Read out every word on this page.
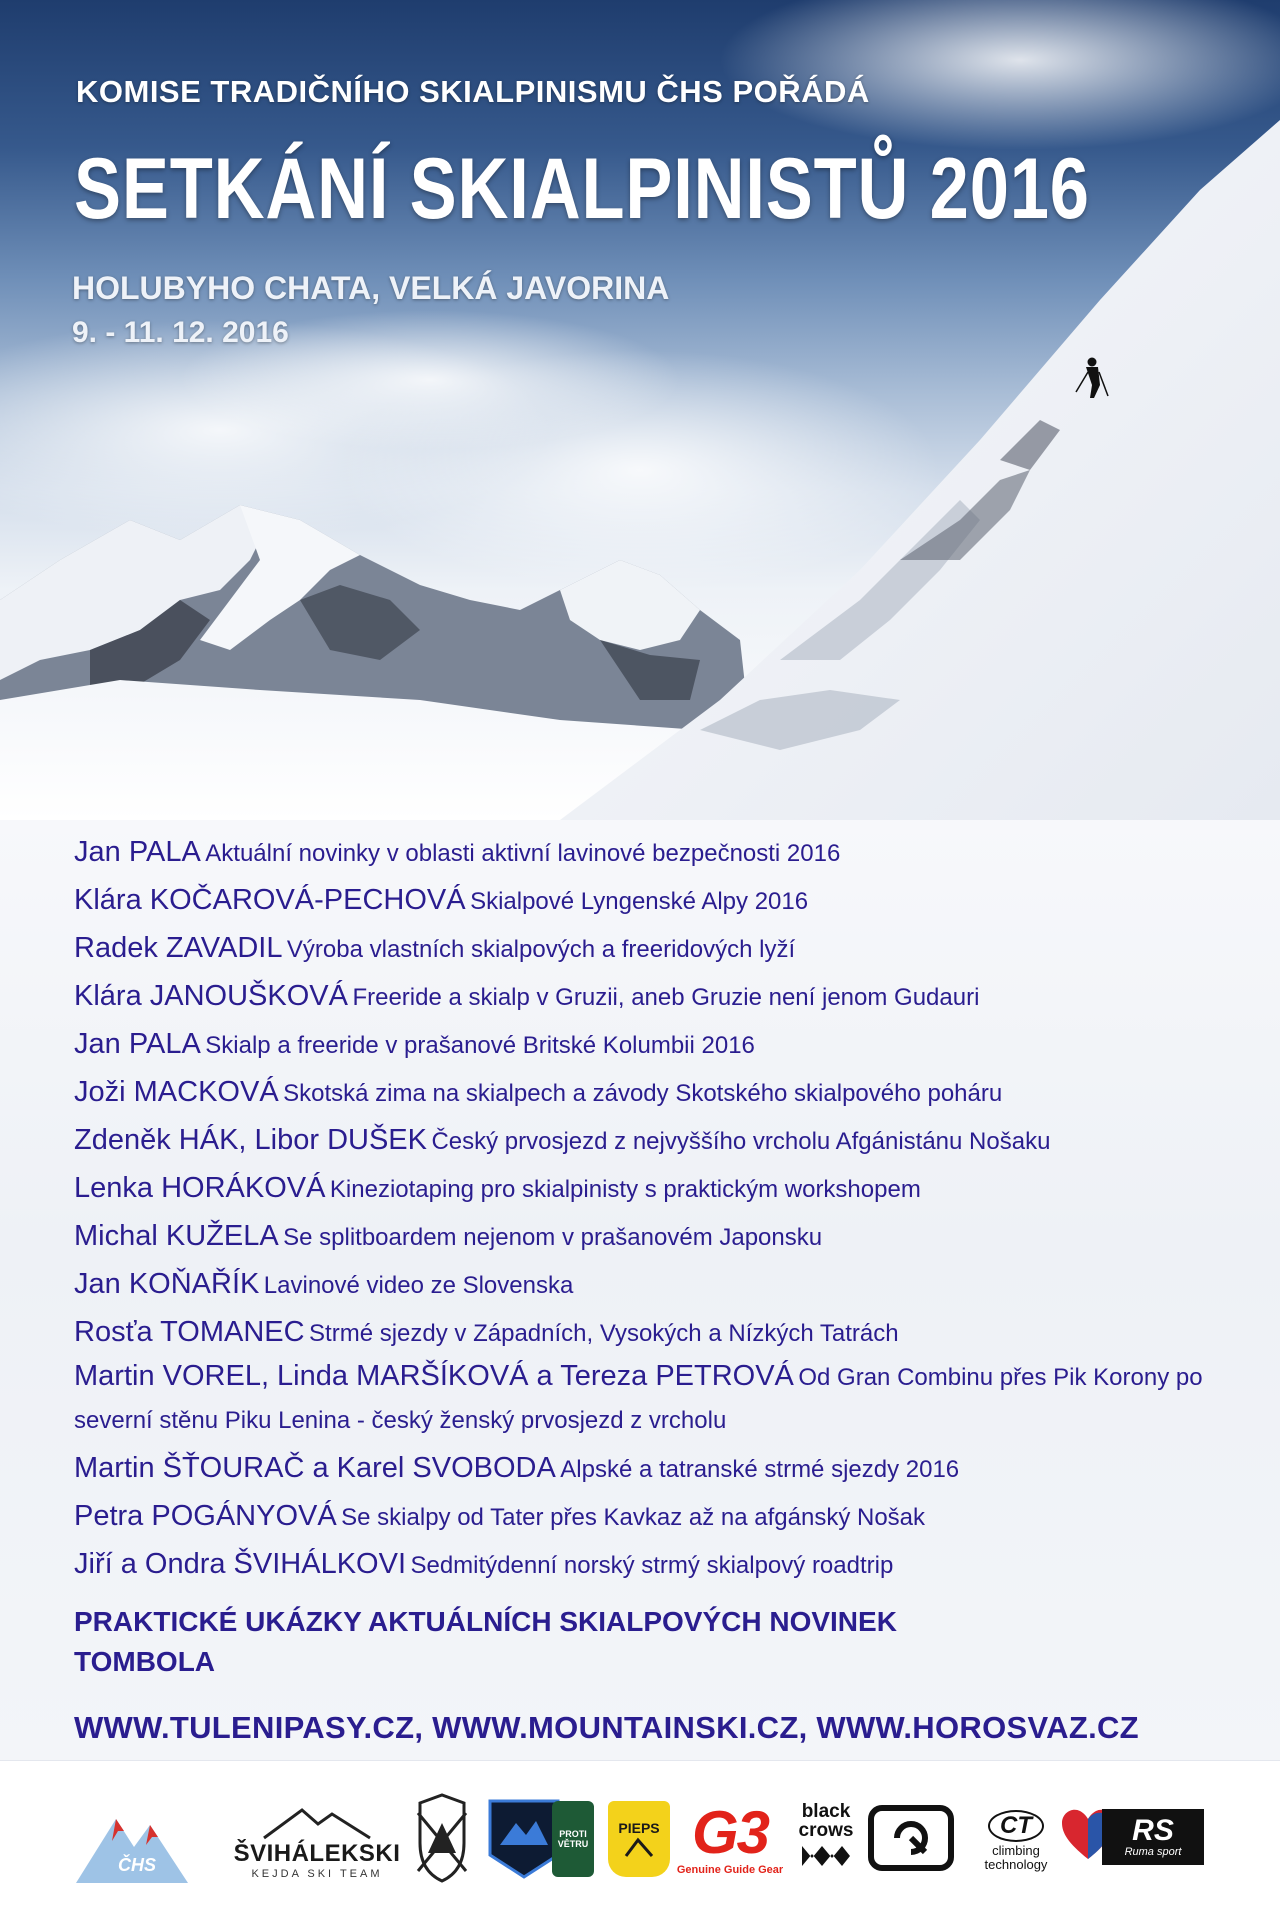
KOMISE TRADIČNÍHO SKIALPINISMU ČHS POŘÁDÁ
SETKÁNÍ SKIALPINISTŮ 2016
HOLUBYHO CHATA, VELKÁ JAVORINA
9. - 11. 12. 2016
Jan PALA Aktuální novinky v oblasti aktivní lavinové bezpečnosti 2016
Klára KOČAROVÁ-PECHOVÁ Skialpové Lyngenské Alpy 2016
Radek ZAVADIL Výroba vlastních skialpových a freeridových lyží
Klára JANOUŠKOVÁ Freeride a skialp v Gruzii, aneb Gruzie není jenom Gudauri
Jan PALA Skialp a freeride v prašanové Britské Kolumbii 2016
Joži MACKOVÁ Skotská zima na skialpech a závody Skotského skialpového poháru
Zdeněk HÁK, Libor DUŠEK Český prvosjezd z nejvyššího vrcholu Afgánistánu Nošaku
Lenka HORÁKOVÁ Kineziotaping pro skialpinisty s praktickým workshopem
Michal KUŽELA Se splitboardem nejenom v prašanovém Japonsku
Jan KOŇAŘÍK Lavinové video ze Slovenska
Rosťa TOMANEC Strmé sjezdy v Západních, Vysokých a Nízkých Tatrách
Martin VOREL, Linda MARŠÍKOVÁ a Tereza PETROVÁ Od Gran Combinu přes Pik Korony po severní stěnu Piku Lenina - český ženský prvosjezd z vrcholu
Martin ŠŤOURAČ a Karel SVOBODA Alpské a tatranské strmé sjezdy 2016
Petra POGÁNYOVÁ Se skialpy od Tater přes Kavkaz až na afgánský Nošak
Jiří a Ondra ŠVIHÁLKOVI Sedmitýdenní norský strmý skialpový roadtrip
PRAKTICKÉ UKÁZKY AKTUÁLNÍCH SKIALPOVÝCH NOVINEK
TOMBOLA
WWW.TULENIPASY.CZ, WWW.MOUNTAINSKI.CZ, WWW.HOROSVAZ.CZ
ČHS	ŠVIHÁLEKSKI
KEJDA SKI TEAM
PROTI VĚTRU
PIEPS G3
Genuine Guide Gear
black
crows	CT
climbing
technology
RS
Ruma sport
